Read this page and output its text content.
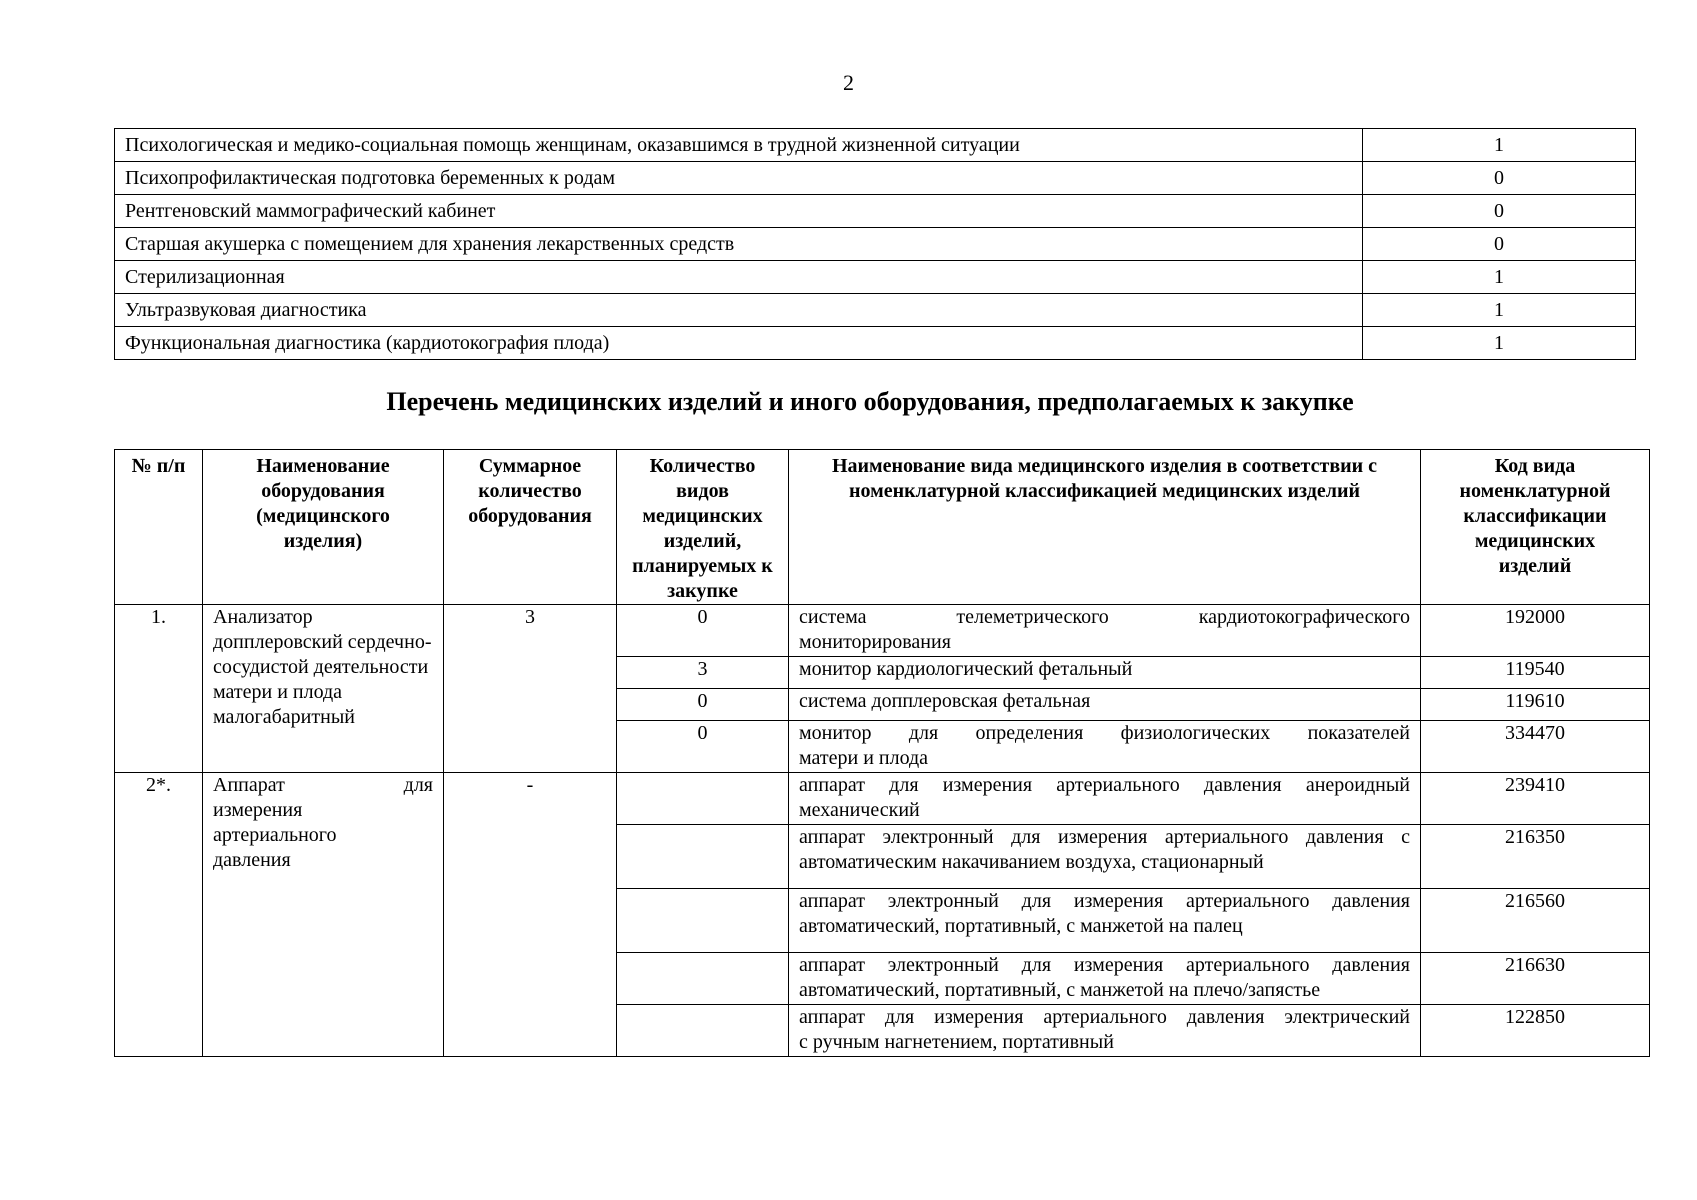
2
Психологическая и медико-социальная помощь женщинам, оказавшимся в трудной жизненной ситуации	1
Психопрофилактическая подготовка беременных к родам	0
Рентгеновский маммографический кабинет	0
Старшая акушерка с помещением для хранения лекарственных средств	0
Стерилизационная	1
Ультразвуковая диагностика	1
Функциональная диагностика (кардиотокография плода)	1
Перечень медицинских изделий и иного оборудования, предполагаемых к закупке
№ п/п	Наименование оборудования (медицинского изделия)	Суммарное количество оборудования	Количество видов медицинских изделий, планируемых к закупке	Наименование вида медицинского изделия в соответствии с номенклатурной классификацией медицинских изделий	Код вида номенклатурной классификации медицинских изделий
1.	Анализатор допплеровский сердечно-сосудистой деятельности матери и плода малогабаритный	3	0	система телеметрического кардиотокографического
мониторирования	192000
			3	монитор кардиологический фетальный	119540
			0	система допплеровская фетальная	119610
			0	монитор для определения физиологических показателей
матери и плода	334470
2*.	Аппарат для
измерения
артериального
давления	-		аппарат для измерения артериального давления анероидный
механический	239410

				аппарат электронный для измерения артериального давления с
автоматическим накачиванием воздуха, стационарный	216350

				аппарат электронный для измерения артериального давления
автоматический, портативный, с манжетой на палец	216560

				аппарат электронный для измерения артериального давления
автоматический, портативный, с манжетой на плечо/запястье	216630

				аппарат для измерения артериального давления электрический
с ручным нагнетением, портативный	122850
